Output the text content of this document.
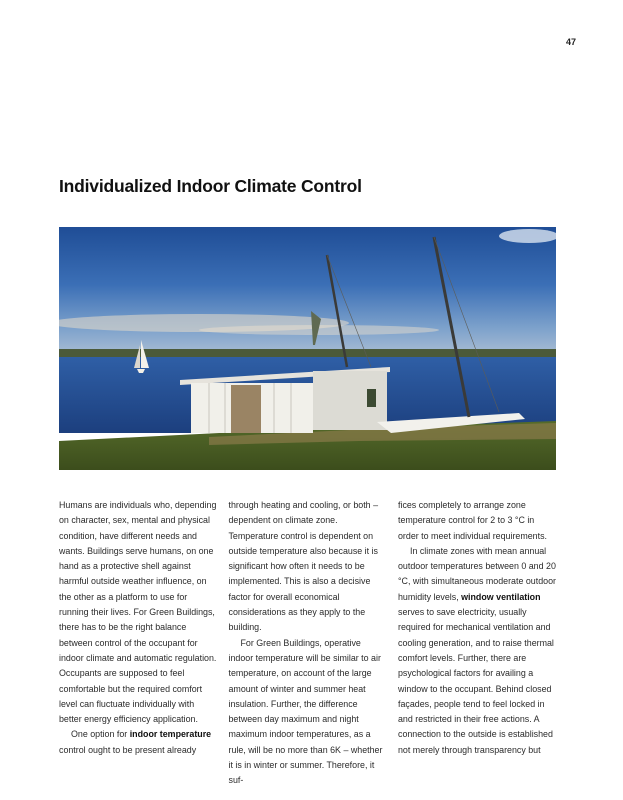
47
Individualized Indoor Climate Control

Humans are individuals who, depending on character, sex, mental and physical condition, have different needs and wants. Buildings serve humans, on one hand as a protective shell against harmful outside weather influence, on the other as a platform to use for running their lives. For Green Buildings, there has to be the right balance between control of the occupant for indoor climate and automatic regulation. Occupants are supposed to feel comfortable but the required comfort level can fluctuate individually with better energy efficiency application.

One option for indoor temperature control ought to be present already

through heating and cooling, or both – dependent on climate zone. Temperature control is dependent on outside temperature also because it is significant how often it needs to be implemented. This is also a decisive factor for overall economical considerations as they apply to the building.

For Green Buildings, operative indoor temperature will be similar to air temperature, on account of the large amount of winter and summer heat insulation. Further, the difference between day maximum and night maximum indoor temperatures, as a rule, will be no more than 6K – whether it is in winter or summer. Therefore, it suf-

fices completely to arrange zone temperature control for 2 to 3 °C in order to meet individual requirements.

In climate zones with mean annual outdoor temperatures between 0 and 20 °C, with simultaneous moderate outdoor humidity levels, window ventilation serves to save electricity, usually required for mechanical ventilation and cooling generation, and to raise thermal comfort levels. Further, there are psychological factors for availing a window to the occupant. Behind closed façades, people tend to feel locked in and restricted in their free actions. A connection to the outside is established not merely through transparency but
